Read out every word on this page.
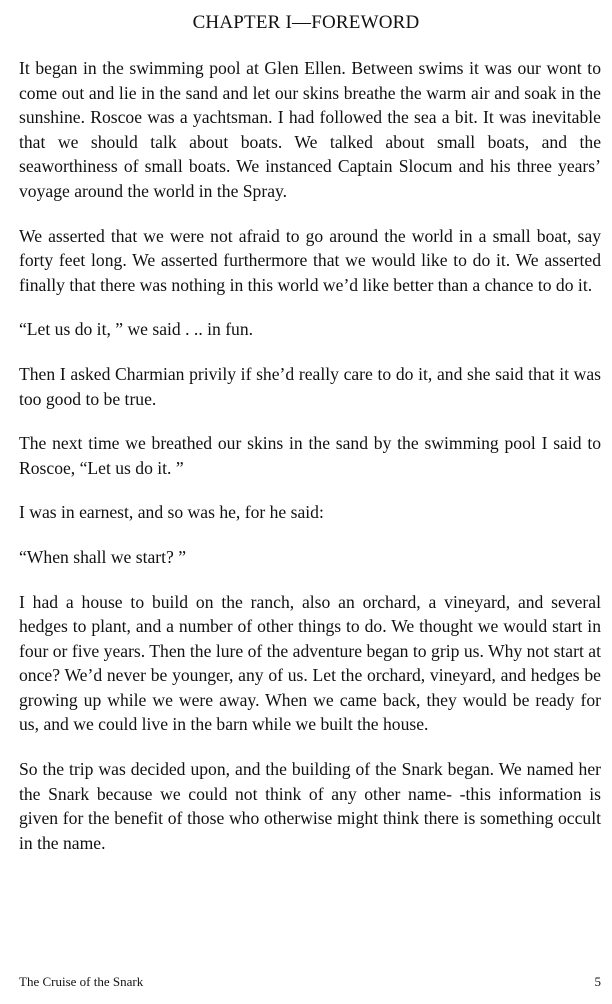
CHAPTER I—FOREWORD

It began in the swimming pool at Glen Ellen. Between swims it was our wont to come out and lie in the sand and let our skins breathe the warm air and soak in the sunshine. Roscoe was a yachtsman. I had followed the sea a bit. It was inevitable that we should talk about boats. We talked about small boats, and the seaworthiness of small boats. We instanced Captain Slocum and his three years’ voyage around the world in the Spray.

We asserted that we were not afraid to go around the world in a small boat, say forty feet long. We asserted furthermore that we would like to do it. We asserted finally that there was nothing in this world we’d like better than a chance to do it.

“Let us do it, ” we said . .. in fun.

Then I asked Charmian privily if she’d really care to do it, and she said that it was too good to be true.

The next time we breathed our skins in the sand by the swimming pool I said to Roscoe, “Let us do it. ”

I was in earnest, and so was he, for he said:

“When shall we start? ”

I had a house to build on the ranch, also an orchard, a vineyard, and several hedges to plant, and a number of other things to do. We thought we would start in four or five years. Then the lure of the adventure began to grip us. Why not start at once? We’d never be younger, any of us. Let the orchard, vineyard, and hedges be growing up while we were away. When we came back, they would be ready for us, and we could live in the barn while we built the house.

So the trip was decided upon, and the building of the Snark began. We named her the Snark because we could not think of any other name- -this information is given for the benefit of those who otherwise might think there is something occult in the name.

The Cruise of the Snark	5
